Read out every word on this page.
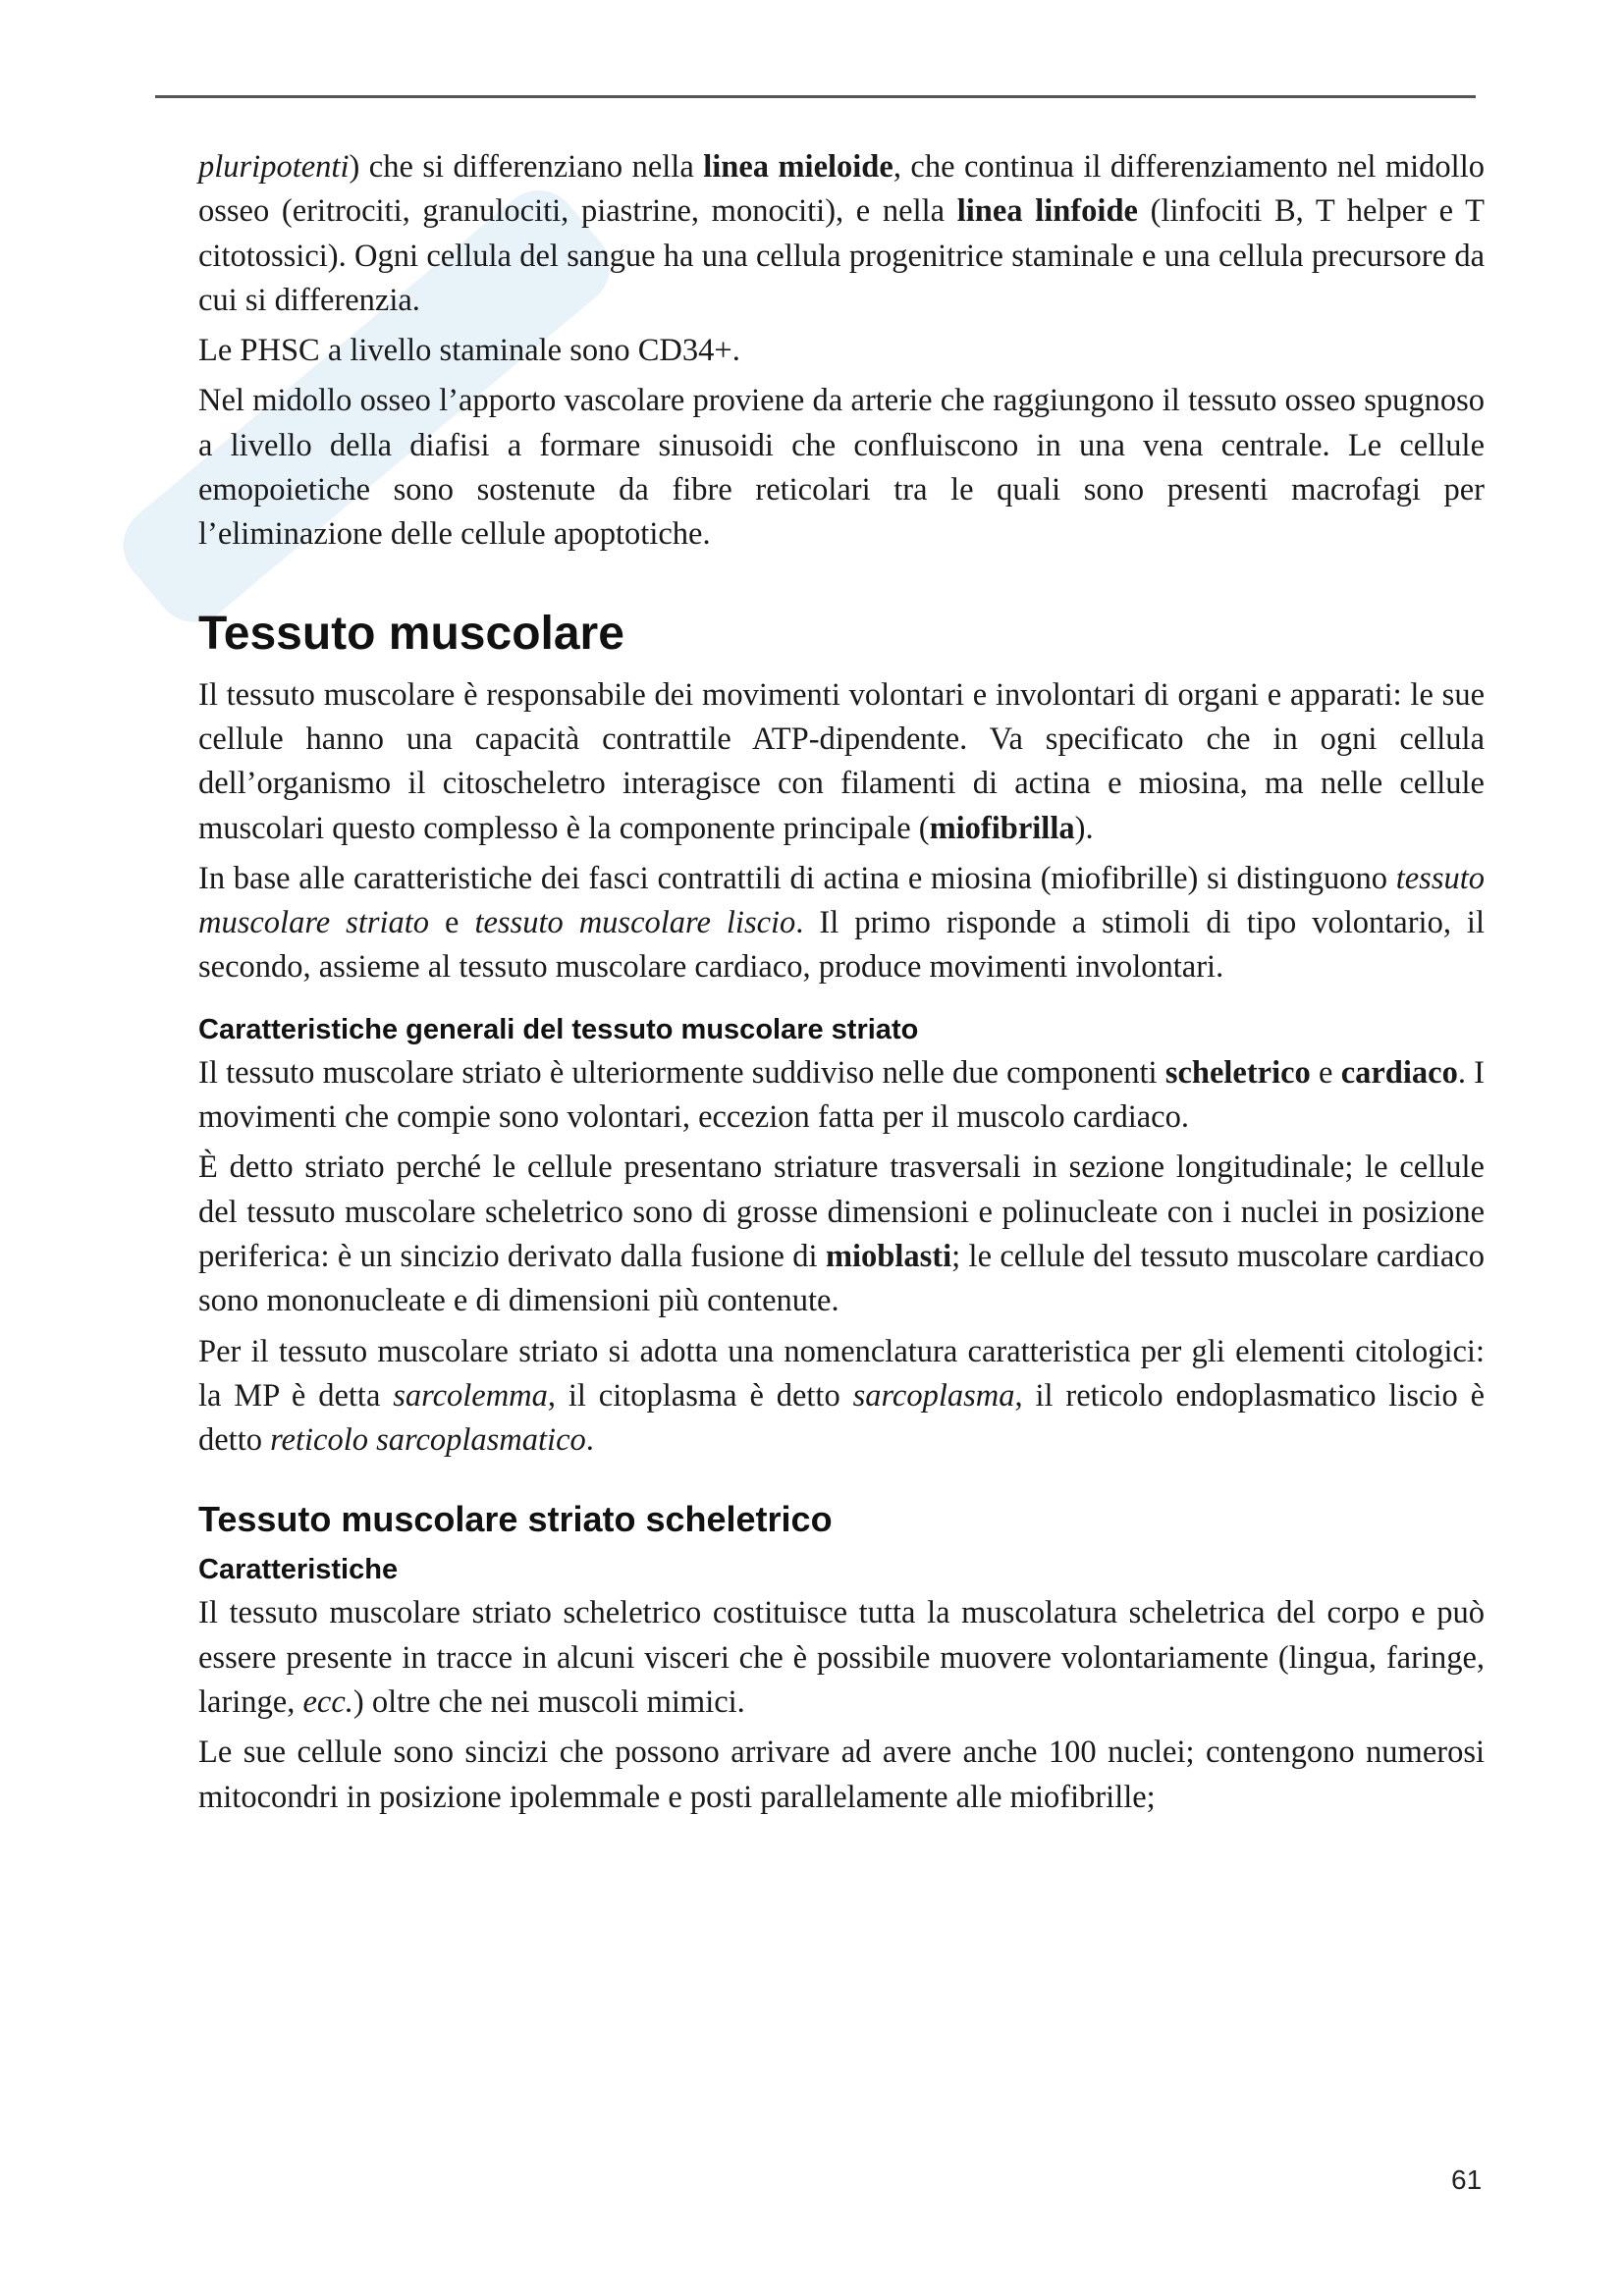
pluripotenti) che si differenziano nella linea mieloide, che continua il differenziamento nel midollo osseo (eritrociti, granulociti, piastrine, monociti), e nella linea linfoide (linfociti B, T helper e T citotossici). Ogni cellula del sangue ha una cellula progenitrice staminale e una cellula precursore da cui si differenzia.

Le PHSC a livello staminale sono CD34+.

Nel midollo osseo l’apporto vascolare proviene da arterie che raggiungono il tessuto osseo spugnoso a livello della diafisi a formare sinusoidi che confluiscono in una vena centrale. Le cellule emopoietiche sono sostenute da fibre reticolari tra le quali sono presenti macrofagi per l’eliminazione delle cellule apoptotiche.

Tessuto muscolare

Il tessuto muscolare è responsabile dei movimenti volontari e involontari di organi e apparati: le sue cellule hanno una capacità contrattile ATP-dipendente. Va specificato che in ogni cellula dell’organismo il citoscheletro interagisce con filamenti di actina e miosina, ma nelle cellule muscolari questo complesso è la componente principale (miofibrilla).

In base alle caratteristiche dei fasci contrattili di actina e miosina (miofibrille) si distinguono tessuto muscolare striato e tessuto muscolare liscio. Il primo risponde a stimoli di tipo volontario, il secondo, assieme al tessuto muscolare cardiaco, produce movimenti involontari.

Caratteristiche generali del tessuto muscolare striato

Il tessuto muscolare striato è ulteriormente suddiviso nelle due componenti scheletrico e cardiaco. I movimenti che compie sono volontari, eccezion fatta per il muscolo cardiaco.

È detto striato perché le cellule presentano striature trasversali in sezione longitudinale; le cellule del tessuto muscolare scheletrico sono di grosse dimensioni e polinucleate con i nuclei in posizione periferica: è un sincizio derivato dalla fusione di mioblasti; le cellule del tessuto muscolare cardiaco sono mononucleate e di dimensioni più contenute.

Per il tessuto muscolare striato si adotta una nomenclatura caratteristica per gli elementi citologici: la MP è detta sarcolemma, il citoplasma è detto sarcoplasma, il reticolo endoplasmatico liscio è detto reticolo sarcoplasmatico.

Tessuto muscolare striato scheletrico
Caratteristiche

Il tessuto muscolare striato scheletrico costituisce tutta la muscolatura scheletrica del corpo e può essere presente in tracce in alcuni visceri che è possibile muovere volontariamente (lingua, faringe, laringe, ecc.) oltre che nei muscoli mimici.

Le sue cellule sono sincizi che possono arrivare ad avere anche 100 nuclei; contengono numerosi mitocondri in posizione ipolemmale e posti parallelamente alle miofibrille;

61
